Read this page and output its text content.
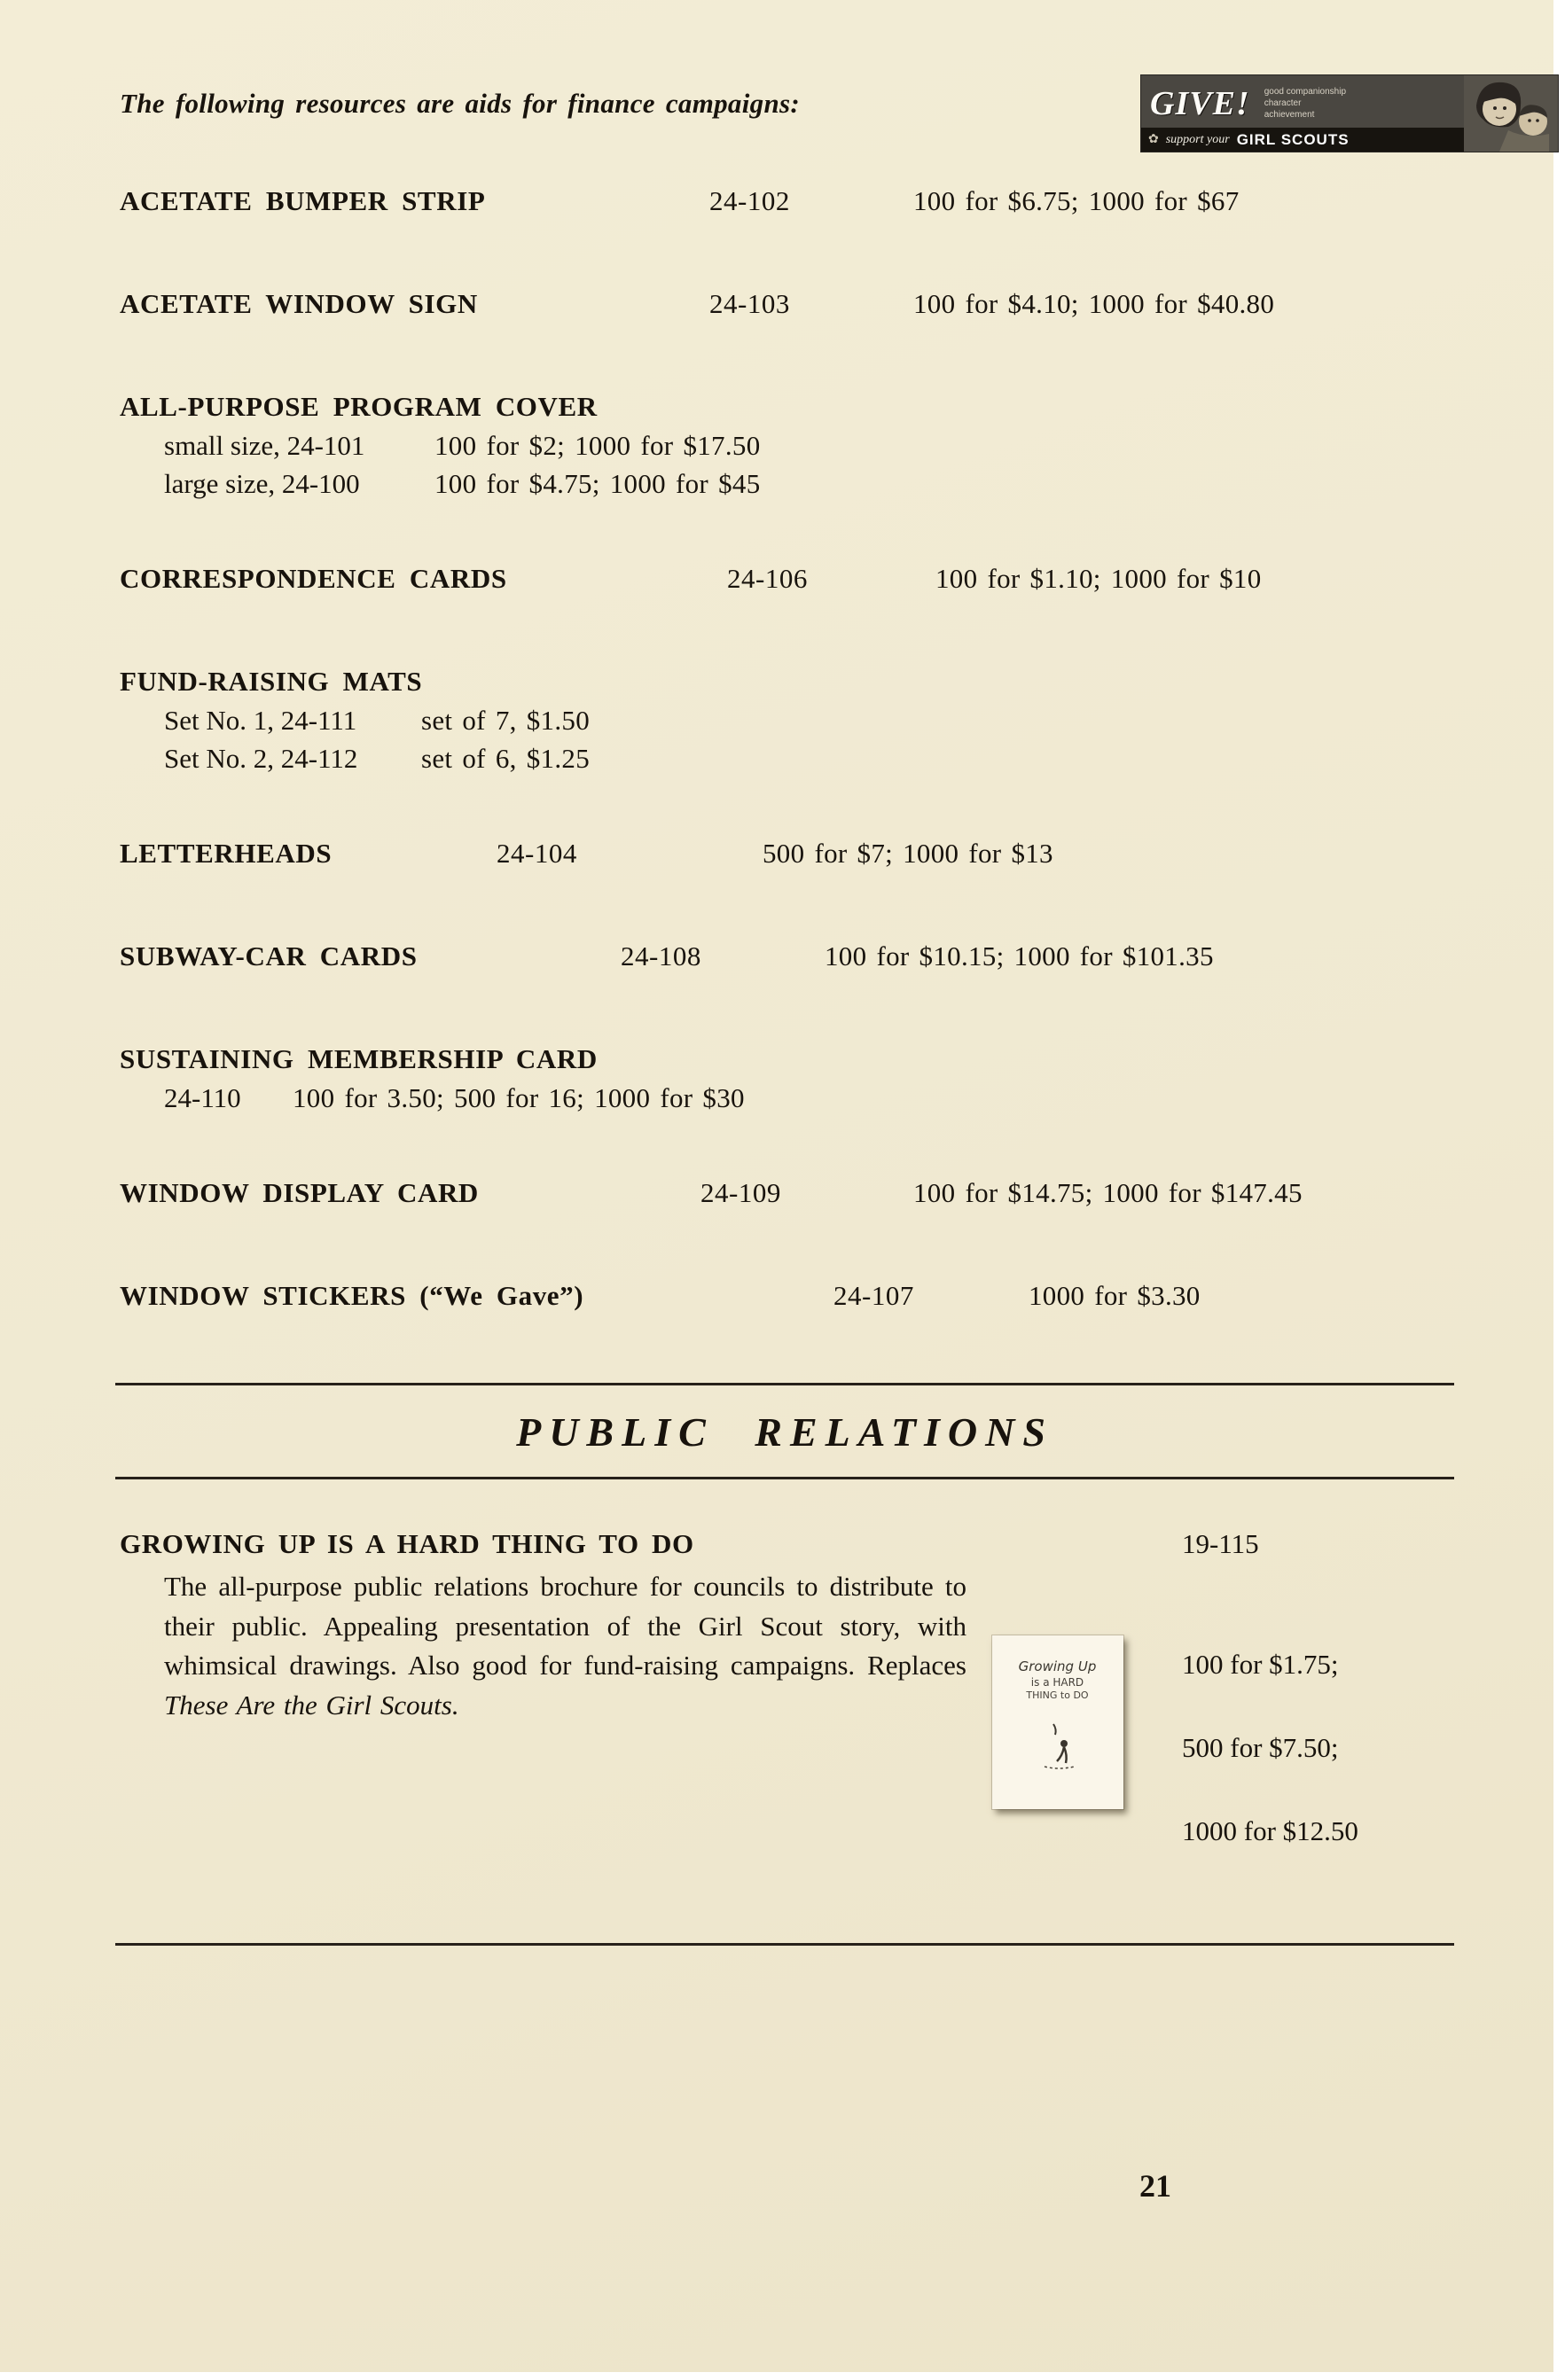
The following resources are aids for finance campaigns:	GIVE! good companionship
character
achievement
✿ support your GIRL SCOUTS
ACETATE BUMPER STRIP	24-102	100 for $6.75; 1000 for $67
ACETATE WINDOW SIGN	24-103	100 for $4.10; 1000 for $40.80
ALL-PURPOSE PROGRAM COVER
small size, 24-101	100 for $2; 1000 for $17.50
large size, 24-100	100 for $4.75; 1000 for $45
CORRESPONDENCE CARDS	24-106	100 for $1.10; 1000 for $10
FUND-RAISING MATS
Set No. 1, 24-111 set of 7, $1.50
Set No. 2, 24-112 set of 6, $1.25
LETTERHEADS	24-104	500 for $7; 1000 for $13
SUBWAY-CAR CARDS	24-108	100 for $10.15; 1000 for $101.35
SUSTAINING MEMBERSHIP CARD
24-110 100 for 3.50; 500 for 16; 1000 for $30
WINDOW DISPLAY CARD	24-109	100 for $14.75; 1000 for $147.45
WINDOW STICKERS (“We Gave”)	24-107	1000 for $3.30
PUBLIC RELATIONS
GROWING UP IS A HARD THING TO DO	19-115

The all-purpose public relations brochure for councils to distribute to their public. Appealing presentation of the Girl Scout story, with whimsical drawings. Also good for fund-raising campaigns. Replaces These Are the Girl Scouts.

Growing Up
is a HARD
THING to DO
100 for $1.75;
500 for $7.50;
1000 for $12.50
21
